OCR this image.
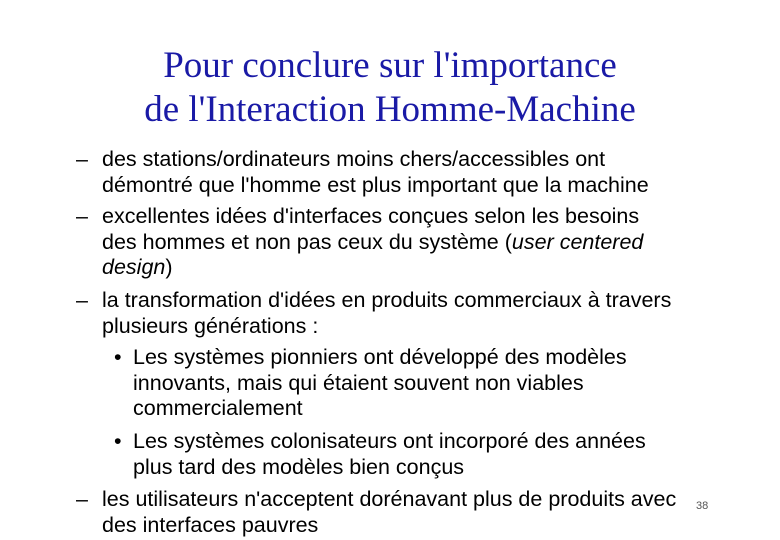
Pour conclure sur l'importance
de l'Interaction Homme-Machine
– des stations/ordinateurs moins chers/accessibles ont
démontré que l'homme est plus important que la machine
– excellentes idées d'interfaces conçues selon les besoins
des hommes et non pas ceux du système (user centered
design)
– la transformation d'idées en produits commerciaux à travers
plusieurs générations :
• Les systèmes pionniers ont développé des modèles
innovants, mais qui étaient souvent non viables
commercialement
• Les systèmes colonisateurs ont incorporé des années
plus tard des modèles bien conçus
– les utilisateurs n'acceptent dorénavant plus de produits avec
des interfaces pauvres
38
